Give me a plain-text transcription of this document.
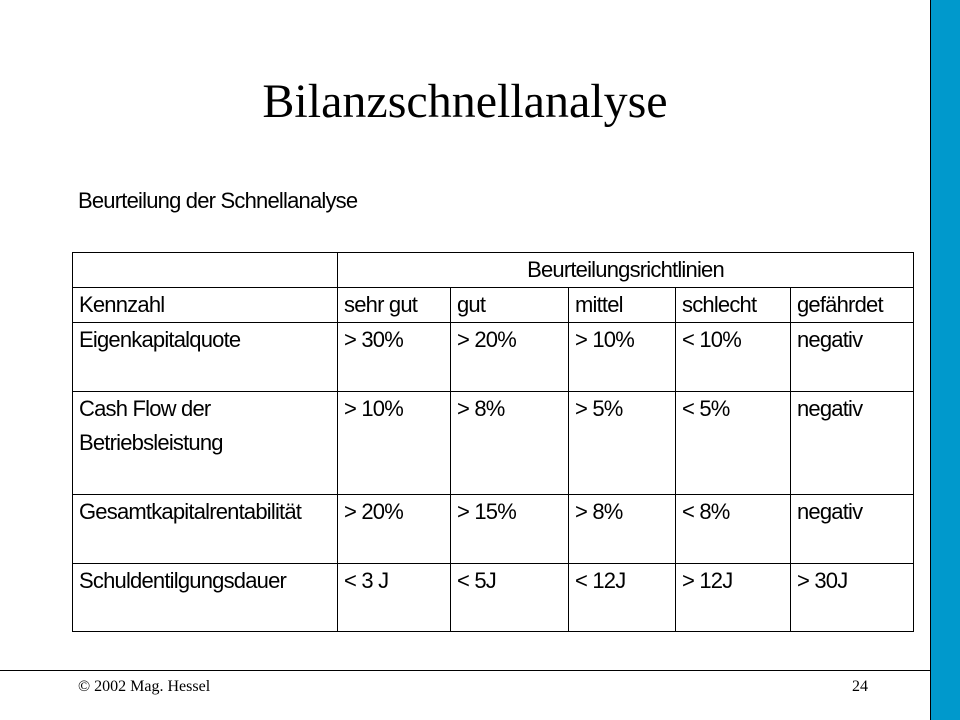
Bilanzschnellanalyse
Beurteilung der Schnellanalyse
	Beurteilungsrichtlinien				
Kennzahl	sehr gut	gut	mittel	schlecht	gefährdet
Eigenkapitalquote	> 30%	> 20%	> 10%	< 10%	negativ

Cash Flow der
Betriebsleistung	> 10%	> 8%	> 5%	< 5%	negativ
Gesamtkapitalrentabilität	> 20%	> 15%	> 8%	< 8%	negativ
Schuldentilgungsdauer	< 3 J	< 5J	< 12J	> 12J	> 30J
© 2002 Mag. Hessel	24
